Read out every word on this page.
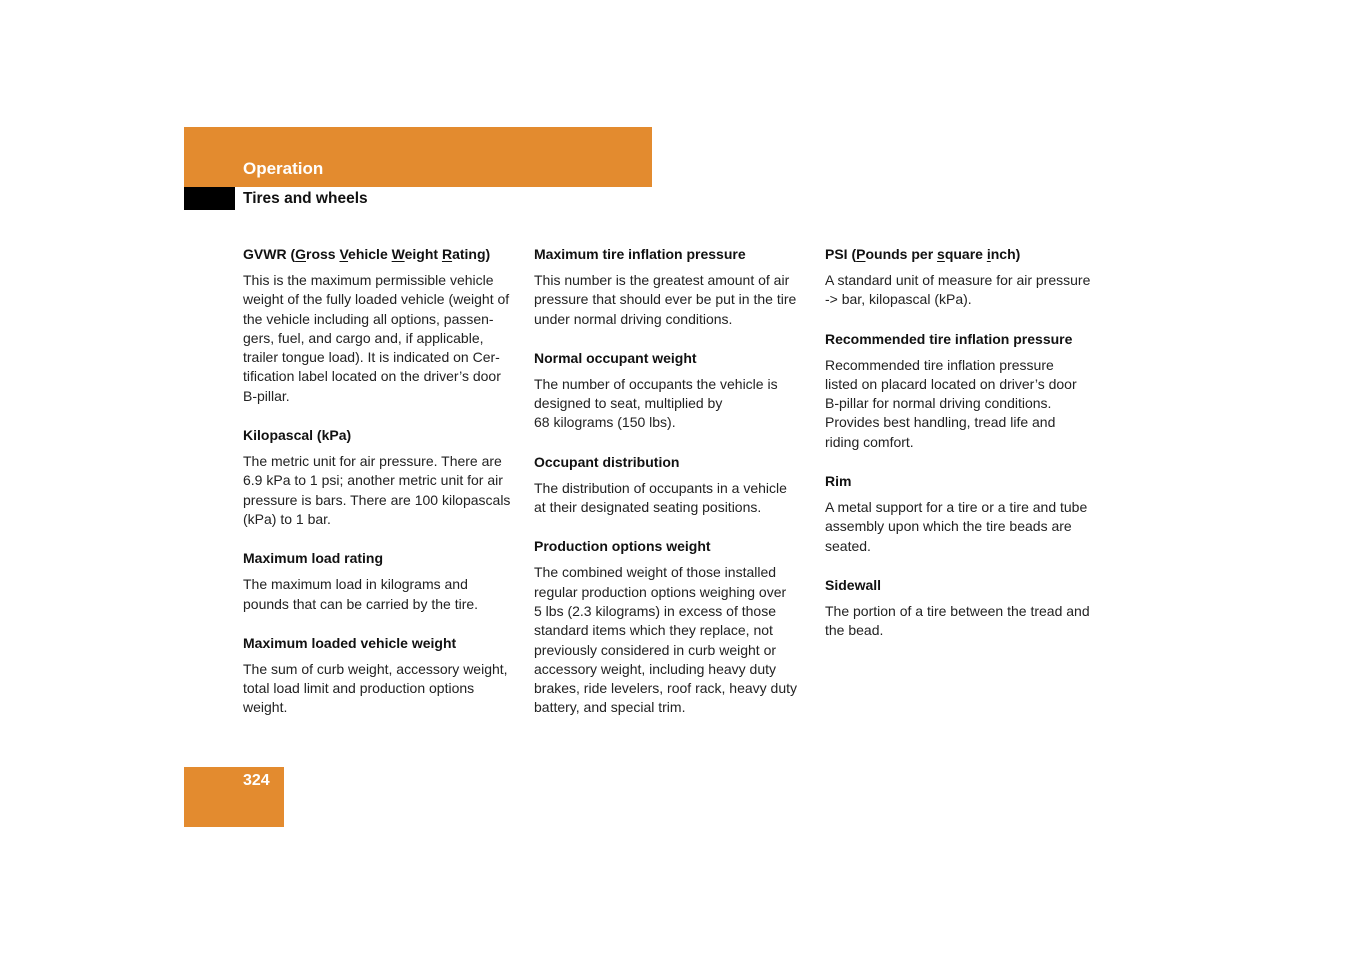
Operation
Tires and wheels
GVWR (Gross Vehicle Weight Rating)

This is the maximum permissible vehicle
weight of the fully loaded vehicle (weight of
the vehicle including all options, passen-
gers, fuel, and cargo and, if applicable,
trailer tongue load). It is indicated on Cer-
tification label located on the driver’s door
B-pillar.

Kilopascal (kPa)

The metric unit for air pressure. There are
6.9 kPa to 1 psi; another metric unit for air
pressure is bars. There are 100 kilopascals
(kPa) to 1 bar.

Maximum load rating

The maximum load in kilograms and
pounds that can be carried by the tire.

Maximum loaded vehicle weight

The sum of curb weight, accessory weight,
total load limit and production options
weight.

Maximum tire inflation pressure

This number is the greatest amount of air
pressure that should ever be put in the tire
under normal driving conditions.

Normal occupant weight

The number of occupants the vehicle is
designed to seat, multiplied by
68 kilograms (150 lbs).

Occupant distribution

The distribution of occupants in a vehicle
at their designated seating positions.

Production options weight

The combined weight of those installed
regular production options weighing over
5 lbs (2.3 kilograms) in excess of those
standard items which they replace, not
previously considered in curb weight or
accessory weight, including heavy duty
brakes, ride levelers, roof rack, heavy duty
battery, and special trim.

PSI (Pounds per square inch)

A standard unit of measure for air pressure
-> bar, kilopascal (kPa).

Recommended tire inflation pressure

Recommended tire inflation pressure
listed on placard located on driver’s door
B-pillar for normal driving conditions.
Provides best handling, tread life and
riding comfort.

Rim

A metal support for a tire or a tire and tube
assembly upon which the tire beads are
seated.

Sidewall

The portion of a tire between the tread and
the bead.

324
